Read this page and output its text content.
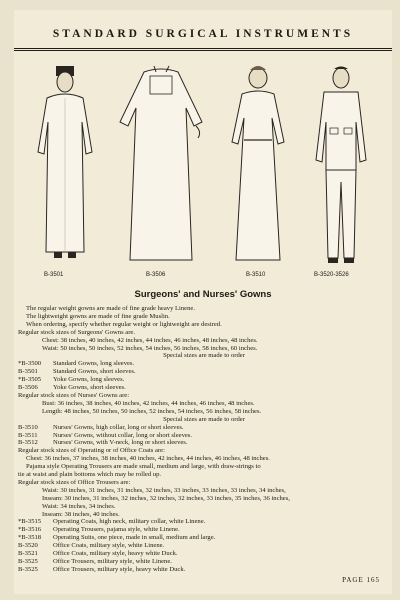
STANDARD SURGICAL INSTRUMENTS
B-3501	B-3506	B-3510	B-3520-3526
Surgeons' and Nurses' Gowns
The regular weight gowns are made of fine grade heavy Linene.
The lightweight gowns are made of fine grade Muslin.
When ordering, specify whether regular weight or lightweight are desired.
Regular stock sizes of Surgeons' Gowns are.
Chest: 38 inches, 40 inches, 42 inches, 44 inches, 46 inches, 48 inches, 48 inches.
Waist: 50 inches, 50 inches, 52 inches, 54 inches, 56 inches, 58 inches, 60 inches.
Special sizes are made to order
*B-3500 Standard Gowns, long sleeves.
B-3501 Standard Gowns, short sleeves.
*B-3505 Yoke Gowns, long sleeves.
B-3506 Yoke Gowns, short sleeves.
Regular stock sizes of Nurses' Gowns are:
Bust: 36 inches, 38 inches, 40 inches, 42 inches, 44 inches, 46 inches, 48 inches.
Length: 48 inches, 50 inches, 50 inches, 52 inches, 54 inches, 56 inches, 58 inches.
Special sizes are made to order
B-3510 Nurses' Gowns, high collar, long or short sleeves.
B-3511 Nurses' Gowns, without collar, long or short sleeves.
B-3512 Nurses' Gowns, with V-neck, long or short sleeves.
Regular stock sizes of Operating or of Office Coats are:
Chest: 36 inches, 37 inches, 38 inches, 40 inches, 42 inches, 44 inches, 46 inches, 48 inches.
Pajama style Operating Trousers are made small, medium and large, with draw-strings to
tie at waist and plain bottoms which may be rolled up.
Regular stock sizes of Office Trousers are:
Waist: 30 inches, 31 inches, 31 inches, 32 inches, 33 inches, 33 inches, 33 inches, 34 inches,
Inseam: 30 inches, 31 inches, 32 inches, 32 inches, 32 inches, 33 inches, 35 inches, 36 inches,
Waist: 34 inches, 34 inches.
Inseam: 38 inches, 40 inches.
*B-3515 Operating Coats, high neck, military collar, white Linene.
*B-3516 Operating Trousers, pajama style, white Linene.
*B-3518 Operating Suits, one piece, made in small, medium and large.
B-3520 Office Coats, military style, white Linene.
B-3521 Office Coats, military style, heavy white Duck.
B-3525 Office Trousers, military style, white Linene.
B-3525 Office Trousers, military style, heavy white Duck.
PAGE 165
